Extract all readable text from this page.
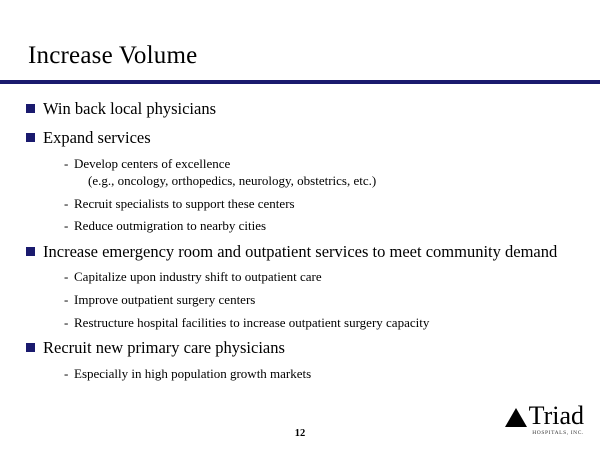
Increase Volume
Win back local physicians
Expand services
- Develop centers of excellence
(e.g., oncology, orthopedics, neurology, obstetrics, etc.)
- Recruit specialists to support these centers
- Reduce outmigration to nearby cities
Increase emergency room and outpatient services to meet community demand
- Capitalize upon industry shift to outpatient care
- Improve outpatient surgery centers
- Restructure hospital facilities to increase outpatient surgery capacity
Recruit new primary care physicians
- Especially in high population growth markets
12
Triad
HOSPITALS, INC.
